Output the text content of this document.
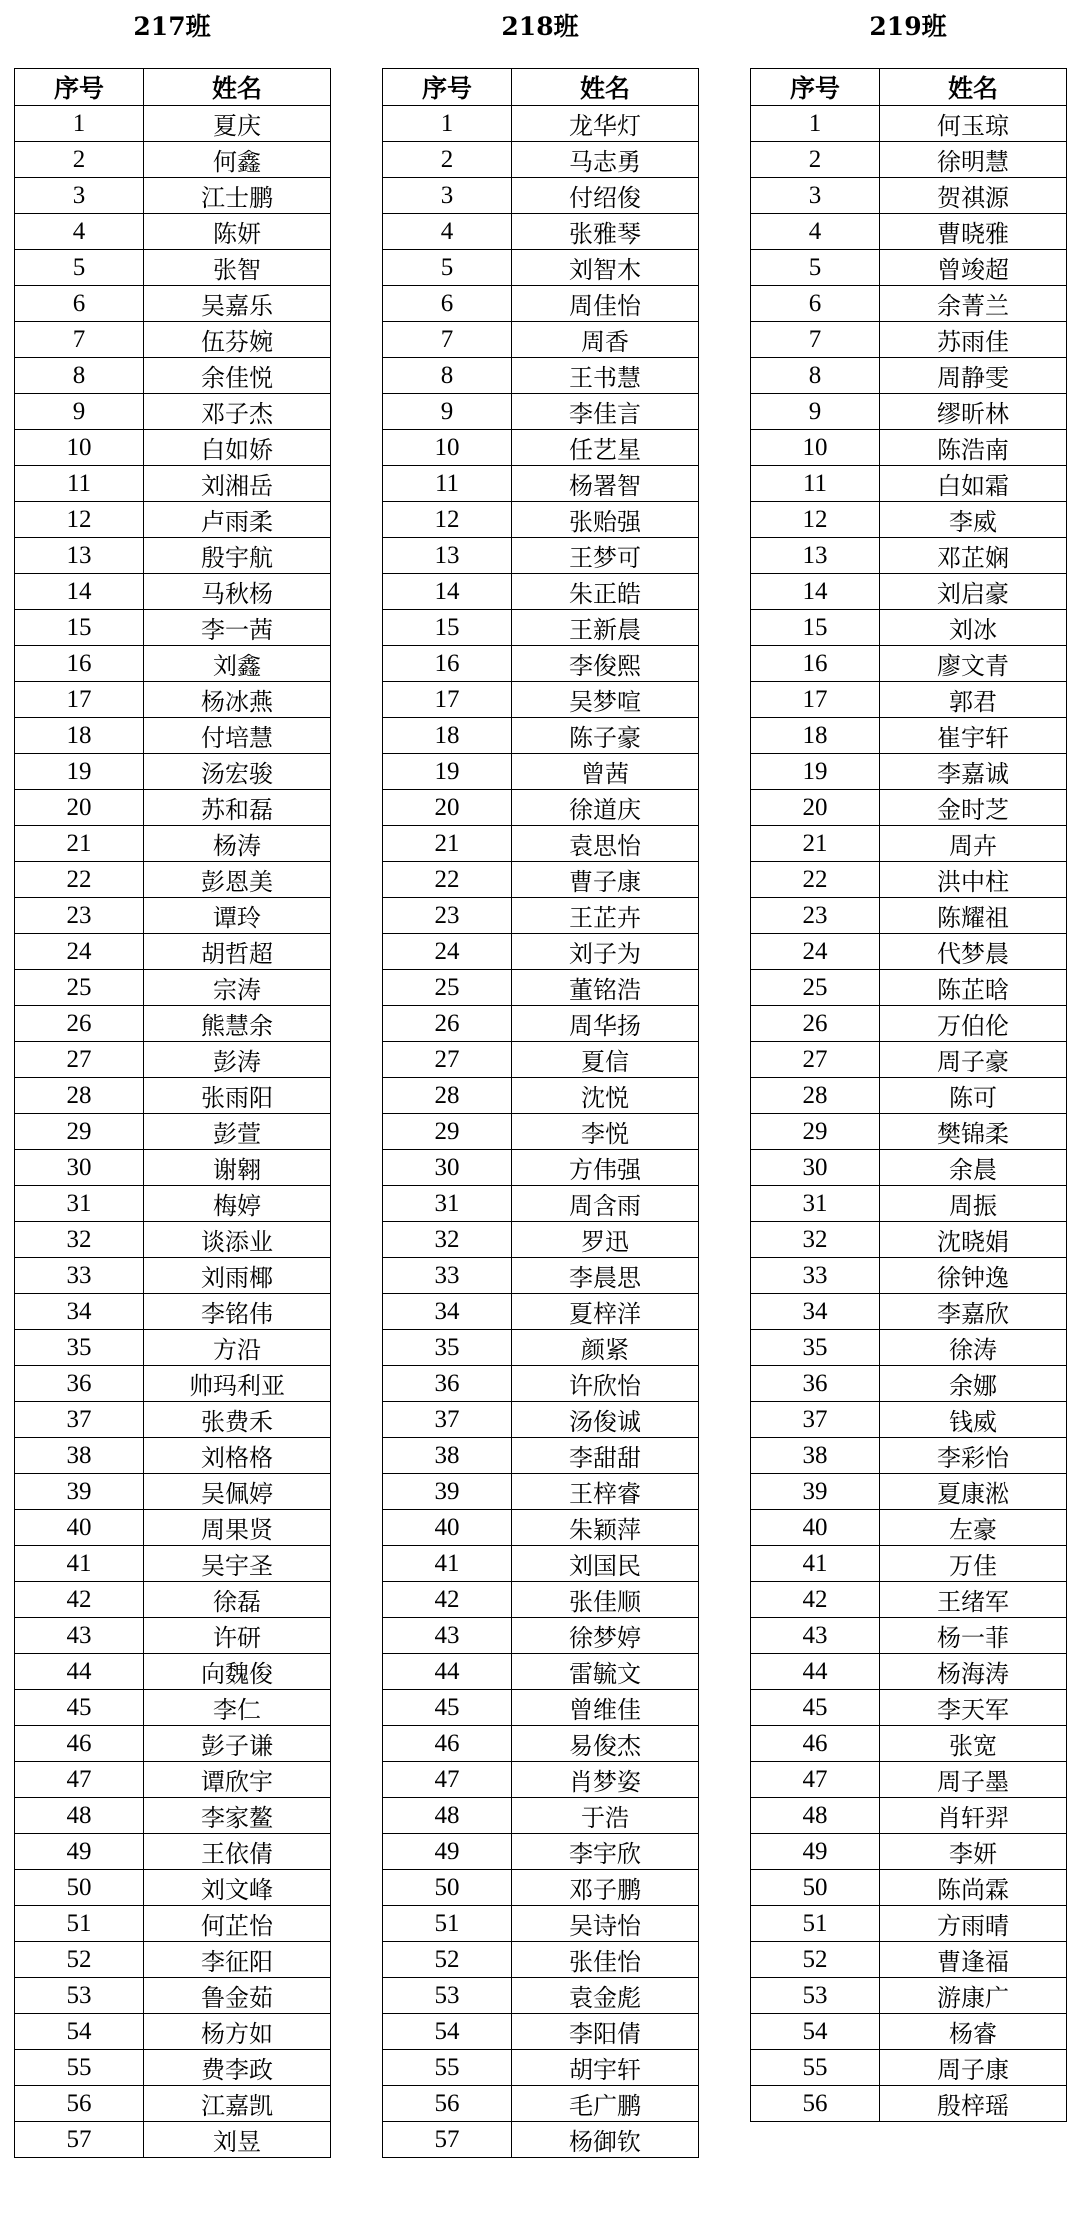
217班
序号	姓名
1	夏庆
2	何鑫
3	江士鹏
4	陈妍
5	张智
6	吴嘉乐
7	伍芬婉
8	余佳悦
9	邓子杰
10	白如娇
11	刘湘岳
12	卢雨柔
13	殷宇航
14	马秋杨
15	李一茜
16	刘鑫
17	杨冰燕
18	付培慧
19	汤宏骏
20	苏和磊
21	杨涛
22	彭恩美
23	谭玲
24	胡哲超
25	宗涛
26	熊慧余
27	彭涛
28	张雨阳
29	彭萱
30	谢翱
31	梅婷
32	谈添业
33	刘雨椰
34	李铭伟
35	方沿
36	帅玛利亚
37	张费禾
38	刘格格
39	吴佩婷
40	周果贤
41	吴宇圣
42	徐磊
43	许研
44	向魏俊
45	李仁
46	彭子谦
47	谭欣宇
48	李家鳌
49	王依倩
50	刘文峰
51	何芷怡
52	李征阳
53	鲁金茹
54	杨方如
55	费李政
56	江嘉凯
57	刘昱
218班
序号	姓名
1	龙华灯
2	马志勇
3	付绍俊
4	张雅琴
5	刘智木
6	周佳怡
7	周香
8	王书慧
9	李佳言
10	任艺星
11	杨署智
12	张贻强
13	王梦可
14	朱正皓
15	王新晨
16	李俊熙
17	吴梦喧
18	陈子豪
19	曾茜
20	徐道庆
21	袁思怡
22	曹子康
23	王芷卉
24	刘子为
25	董铭浩
26	周华扬
27	夏信
28	沈悦
29	李悦
30	方伟强
31	周含雨
32	罗迅
33	李晨思
34	夏梓洋
35	颜紧
36	许欣怡
37	汤俊诚
38	李甜甜
39	王梓睿
40	朱颖萍
41	刘国民
42	张佳顺
43	徐梦婷
44	雷毓文
45	曾维佳
46	易俊杰
47	肖梦姿
48	于浩
49	李宇欣
50	邓子鹏
51	吴诗怡
52	张佳怡
53	袁金彪
54	李阳倩
55	胡宇轩
56	毛广鹏
57	杨御钦
219班
序号	姓名
1	何玉琼
2	徐明慧
3	贺祺源
4	曹晓雅
5	曾竣超
6	余菁兰
7	苏雨佳
8	周静雯
9	缪昕林
10	陈浩南
11	白如霜
12	李威
13	邓芷娴
14	刘启豪
15	刘冰
16	廖文青
17	郭君
18	崔宇轩
19	李嘉诚
20	金时芝
21	周卉
22	洪中柱
23	陈耀祖
24	代梦晨
25	陈芷晗
26	万伯伦
27	周子豪
28	陈可
29	樊锦柔
30	余晨
31	周振
32	沈晓娟
33	徐钟逸
34	李嘉欣
35	徐涛
36	余娜
37	钱威
38	李彩怡
39	夏康淞
40	左豪
41	万佳
42	王绪军
43	杨一菲
44	杨海涛
45	李天军
46	张宽
47	周子墨
48	肖轩羿
49	李妍
50	陈尚霖
51	方雨晴
52	曹逢福
53	游康广
54	杨睿
55	周子康
56	殷梓瑶
